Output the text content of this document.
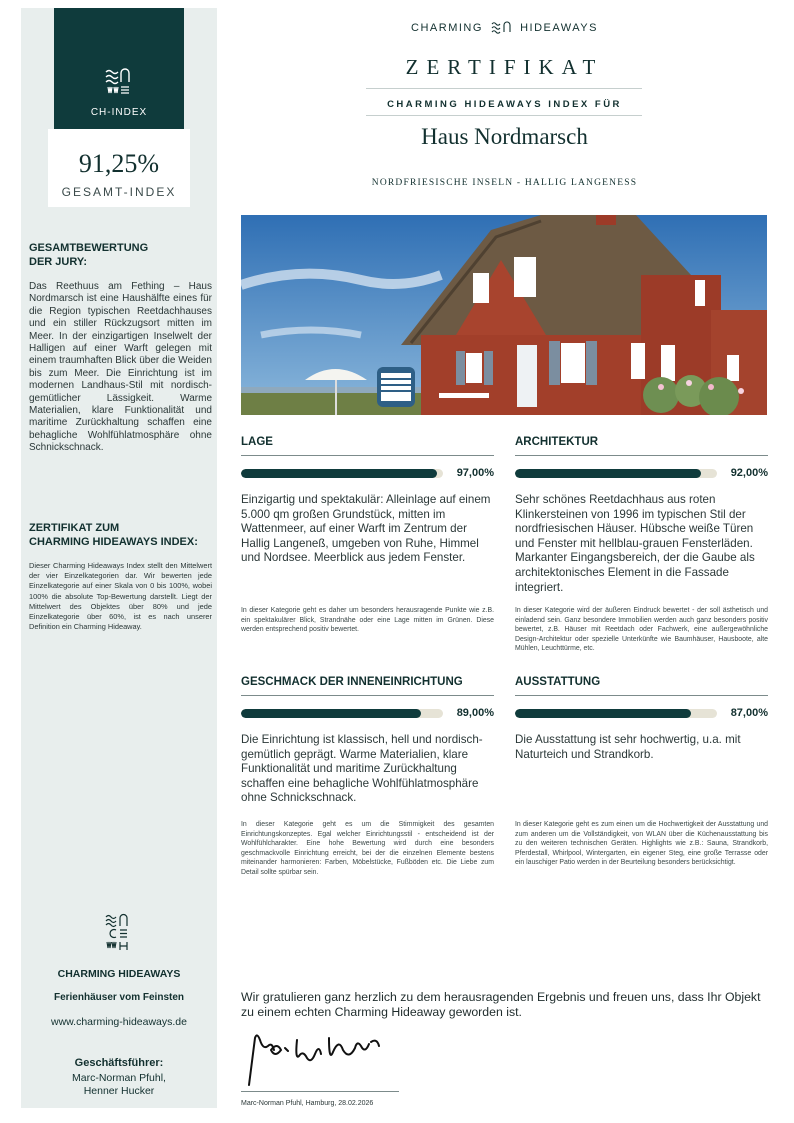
CH-INDEX
91,25%
GESAMT-INDEX
GESAMTBEWERTUNG
DER JURY:
Das Reethuus am Fething – Haus Nordmarsch ist eine Haushälfte eines für die Region typischen Reetdachhauses und ein stiller Rückzugsort mitten im Meer. In der einzigartigen Inselwelt der Halligen auf einer Warft gelegen mit einem traumhaften Blick über die Weiden bis zum Meer. Die Einrichtung ist im modernen Landhaus-Stil mit nordisch-gemütlicher Lässigkeit. Warme Materialien, klare Funktionalität und maritime Zurückhaltung schaffen eine behagliche Wohlfühlatmosphäre ohne Schnickschnack.
ZERTIFIKAT ZUM
CHARMING HIDEAWAYS INDEX:
Dieser Charming Hideaways Index stellt den Mittelwert der vier Einzelkategorien dar. Wir bewerten jede Einzelkategorie auf einer Skala von 0 bis 100%, wobei 100% die absolute Top-Bewertung darstellt. Liegt der Mittelwert des Objektes über 80% und jede Einzelkategorie über 60%, ist es nach unserer Definition ein Charming Hideaway.
CHARMING HIDEAWAYS
Ferienhäuser vom Feinsten
www.charming-hideaways.de
Geschäftsführer:
Marc-Norman Pfuhl,
Henner Hucker
CHARMING	HIDEAWAYS
ZERTIFIKAT
CHARMING HIDEAWAYS INDEX FÜR
Haus Nordmarsch
NORDFRIESISCHE INSELN - HALLIG LANGENESS
LAGE
97,00%
Einzigartig und spektakulär: Alleinlage auf einem 5.000 qm großen Grundstück, mitten im Wattenmeer, auf einer Warft im Zentrum der Hallig Langeneß, umgeben von Ruhe, Himmel und Nordsee. Meerblick aus jedem Fenster.
In dieser Kategorie geht es daher um besonders herausragende Punkte wie z.B. ein spektakulärer Blick, Strandnähe oder eine Lage mitten im Grünen. Diese werden entsprechend positiv bewertet.
ARCHITEKTUR
92,00%
Sehr schönes Reetdachhaus aus roten Klinkersteinen von 1996 im typischen Stil der nordfriesischen Häuser. Hübsche weiße Türen und Fenster mit hellblau-grauen Fensterläden. Markanter Eingangsbereich, der die Gaube als architektonisches Element in die Fassade integriert.
In dieser Kategorie wird der äußeren Eindruck bewertet - der soll ästhetisch und einladend sein. Ganz besondere Immobilien werden auch ganz besonders positiv bewertet, z.B. Häuser mit Reetdach oder Fachwerk, eine außergewöhnliche Design-Architektur oder spezielle Unterkünfte wie Baumhäuser, Hausboote, alte Mühlen, Leuchttürme, etc.
GESCHMACK DER INNENEINRICHTUNG
89,00%
Die Einrichtung ist klassisch, hell und nordisch-gemütlich geprägt. Warme Materialien, klare Funktionalität und maritime Zurückhaltung schaffen eine behagliche Wohlfühlatmosphäre ohne Schnickschnack.
In dieser Kategorie geht es um die Stimmigkeit des gesamten Einrichtungskonzeptes. Egal welcher Einrichtungsstil - entscheidend ist der Wohlfühlcharakter. Eine hohe Bewertung wird durch eine besonders geschmackvolle Einrichtung erreicht, bei der die einzelnen Elemente bestens miteinander harmonieren: Farben, Möbelstücke, Fußböden etc. Die Liebe zum Detail sollte spürbar sein.
AUSSTATTUNG
87,00%
Die Ausstattung ist sehr hochwertig, u.a. mit Naturteich und Strandkorb.
In dieser Kategorie geht es zum einen um die Hochwertigkeit der Ausstattung und zum anderen um die Vollständigkeit, von WLAN über die Küchenausstattung bis zu den weiteren technischen Geräten. Highlights wie z.B.: Sauna, Strandkorb, Pferdestall, Whirlpool, Wintergarten, ein eigener Steg, eine große Terrasse oder ein lauschiger Patio werden in der Beurteilung besonders berücksichtigt.
Wir gratulieren ganz herzlich zu dem herausragenden Ergebnis und freuen uns, dass Ihr Objekt zu einem echten Charming Hideaway geworden ist.
Marc-Norman Pfuhl, Hamburg, 28.02.2026
